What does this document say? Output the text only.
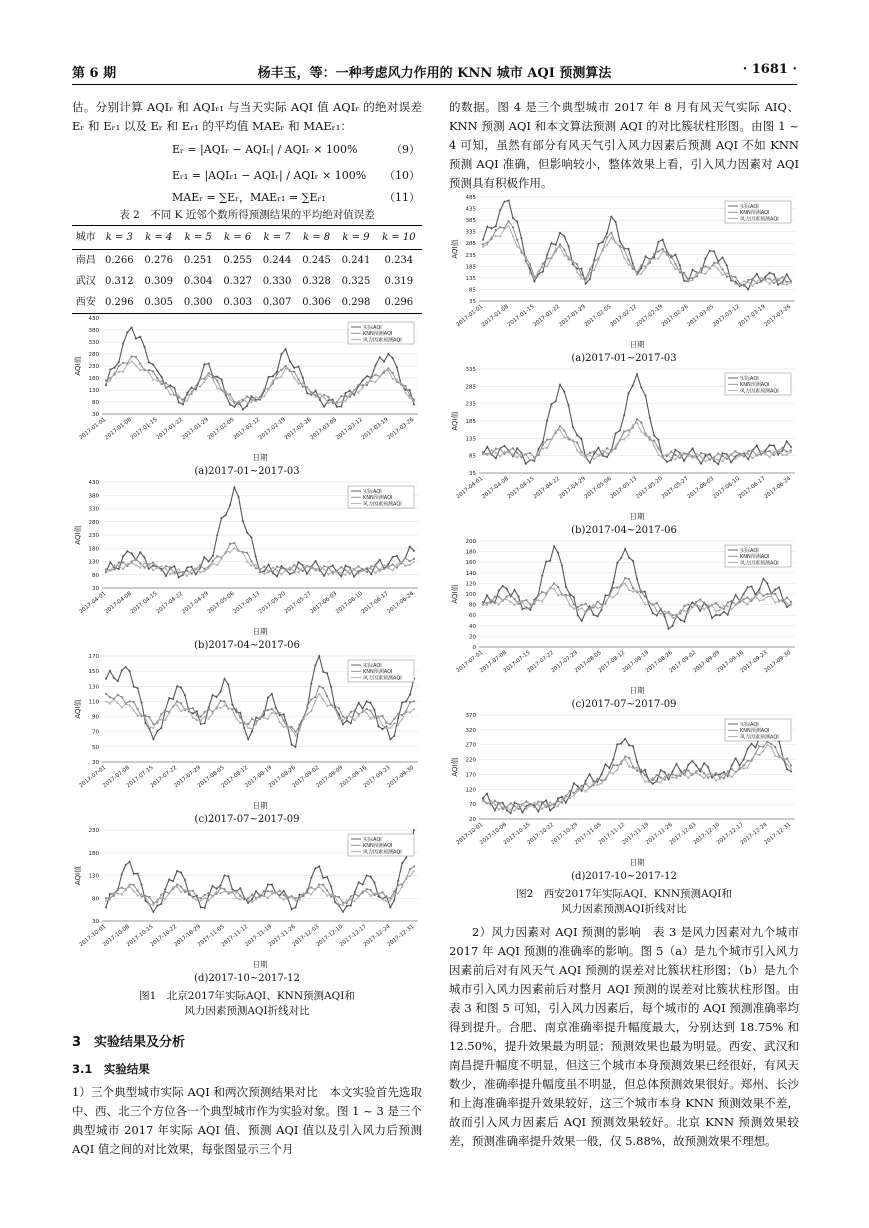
第 6 期	杨丰玉，等：一种考虑风力作用的 KNN 城市 AQI 预测算法	· 1681 ·

估。分别计算 AQIᵣ 和 AQIᵣ₁ 与当天实际 AQI 值 AQIᵣ 的绝对误差 Eᵣ 和 Eᵣ₁ 以及 Eᵣ 和 Eᵣ₁ 的平均值 MAEᵣ 和 MAEᵣ₁：

Eᵣ = |AQIᵣ − AQIᵣ| / AQIᵣ × 100%	（9）
Eᵣ₁ = |AQIᵣ₁ − AQIᵣ| / AQIᵣ × 100% （10）
MAEᵣ = ∑Eᵣ，MAEᵣ₁ = ∑Eᵣ₁	（11）
表 2　不同 K 近邻个数所得预测结果的平均绝对值误差
城市	k = 3	k = 4	k = 5	k = 6	k = 7	k = 8	k = 9	k = 10
南昌	0.266	0.276	0.251	0.255	0.244	0.245	0.241	0.234
武汉	0.312	0.309	0.304	0.327	0.330	0.328	0.325	0.319
西安	0.296	0.305	0.300	0.303	0.307	0.306	0.298	0.296
30
80
130
180
230
280
330
380
430
2017-01-01
2017-01-08
2017-01-15
2017-01-22
2017-01-29
2017-02-05
2017-02-12
2017-02-19
2017-02-26
2017-03-05
2017-03-12
2017-03-19
2017-03-26
实际AQI
KNN预测AQI
风力因素预测AQI
AQI值
日期
(a)2017-01~2017-03
30
80
130
180
230
280
330
380
430
2017-04-01
2017-04-08
2017-04-15
2017-04-22
2017-04-29
2017-05-06
2017-05-13
2017-05-20
2017-05-27
2017-06-03
2017-06-10
2017-06-17
2017-06-24
实际AQI
KNN预测AQI
风力因素预测AQI
AQI值
日期
(b)2017-04~2017-06
30
50
70
90
110
130
150
170
2017-07-01
2017-07-08
2017-07-15
2017-07-22
2017-07-29
2017-08-05
2017-08-12
2017-08-19
2017-08-26
2017-09-02
2017-09-09
2017-09-16
2017-09-23
2017-09-30
实际AQI
KNN预测AQI
风力因素预测AQI
AQI值
日期
(c)2017-07~2017-09
30
80
130
180
230
2017-10-01
2017-10-08
2017-10-15
2017-10-22
2017-10-29
2017-11-05
2017-11-12
2017-11-19
2017-11-26
2017-12-03
2017-12-10
2017-12-17
2017-12-24
2017-12-31
实际AQI
KNN预测AQI
风力因素预测AQI
AQI值
日期
(d)2017-10~2017-12
图1　北京2017年实际AQI、KNN预测AQI和
风力因素预测AQI折线对比
3　实验结果及分析
3.1　实验结果

1）三个典型城市实际 AQI 和两次预测结果对比　本文实验首先选取中、西、北三个方位各一个典型城市作为实验对象。图 1 ~ 3 是三个典型城市 2017 年实际 AQI 值、预测 AQI 值以及引入风力后预测 AQI 值之间的对比效果，每张图显示三个月

的数据。图 4 是三个典型城市 2017 年 8 月有风天气实际 AIQ、KNN 预测 AQI 和本文算法预测 AQI 的对比簇状柱形图。由图 1 ~ 4 可知，虽然有部分有风天气引入风力因素后预测 AQI 不如 KNN 预测 AQI 准确，但影响较小，整体效果上看，引入风力因素对 AQI 预测具有积极作用。

35
85
135
185
235
285
335
385
435
485
2017-01-01
2017-01-08
2017-01-15
2017-01-22
2017-01-29
2017-02-05
2017-02-12
2017-02-19
2017-02-26
2017-03-05
2017-03-12
2017-03-19
2017-03-26
实际AQI
KNN预测AQI
风力因素预测AQI
AQI值
日期
(a)2017-01~2017-03
35
85
135
185
235
285
335
2017-04-01
2017-04-08
2017-04-15
2017-04-22
2017-04-29
2017-05-06
2017-05-13
2017-05-20
2017-05-27
2017-06-03
2017-06-10
2017-06-17
2017-06-24
实际AQI
KNN预测AQI
风力因素预测AQI
AQI值
日期
(b)2017-04~2017-06
0
20
40
60
80
100
120
140
160
180
200
2017-07-01
2017-07-08
2017-07-15
2017-07-22
2017-07-29
2017-08-05
2017-08-12
2017-08-19
2017-08-26
2017-09-02
2017-09-09
2017-09-16
2017-09-23
2017-09-30
实际AQI
KNN预测AQI
风力因素预测AQI
AQI值
日期
(c)2017-07~2017-09
20
70
120
170
220
270
320
370
2017-10-01
2017-10-08
2017-10-15
2017-10-22
2017-10-29
2017-11-05
2017-11-12
2017-11-19
2017-11-26
2017-12-03
2017-12-10
2017-12-17
2017-12-24
2017-12-31
实际AQI
KNN预测AQI
风力因素预测AQI
AQI值
日期
(d)2017-10~2017-12
图2　西安2017年实际AQI、KNN预测AQI和
风力因素预测AQI折线对比

2）风力因素对 AQI 预测的影响　表 3 是风力因素对九个城市 2017 年 AQI 预测的准确率的影响。图 5（a）是九个城市引入风力因素前后对有风天气 AQI 预测的误差对比簇状柱形图；（b）是九个城市引入风力因素前后对整月 AQI 预测的误差对比簇状柱形图。由表 3 和图 5 可知，引入风力因素后，每个城市的 AQI 预测准确率均得到提升。合肥、南京准确率提升幅度最大，分别达到 18.75% 和 12.50%，提升效果最为明显；预测效果也最为明显。西安、武汉和南昌提升幅度不明显，但这三个城市本身预测效果已经很好，有风天数少，准确率提升幅度虽不明显，但总体预测效果很好。郑州、长沙和上海准确率提升效果较好，这三个城市本身 KNN 预测效果不差，故而引入风力因素后 AQI 预测效果较好。北京 KNN 预测效果较差，预测准确率提升效果一般，仅 5.88%，故预测效果不理想。
